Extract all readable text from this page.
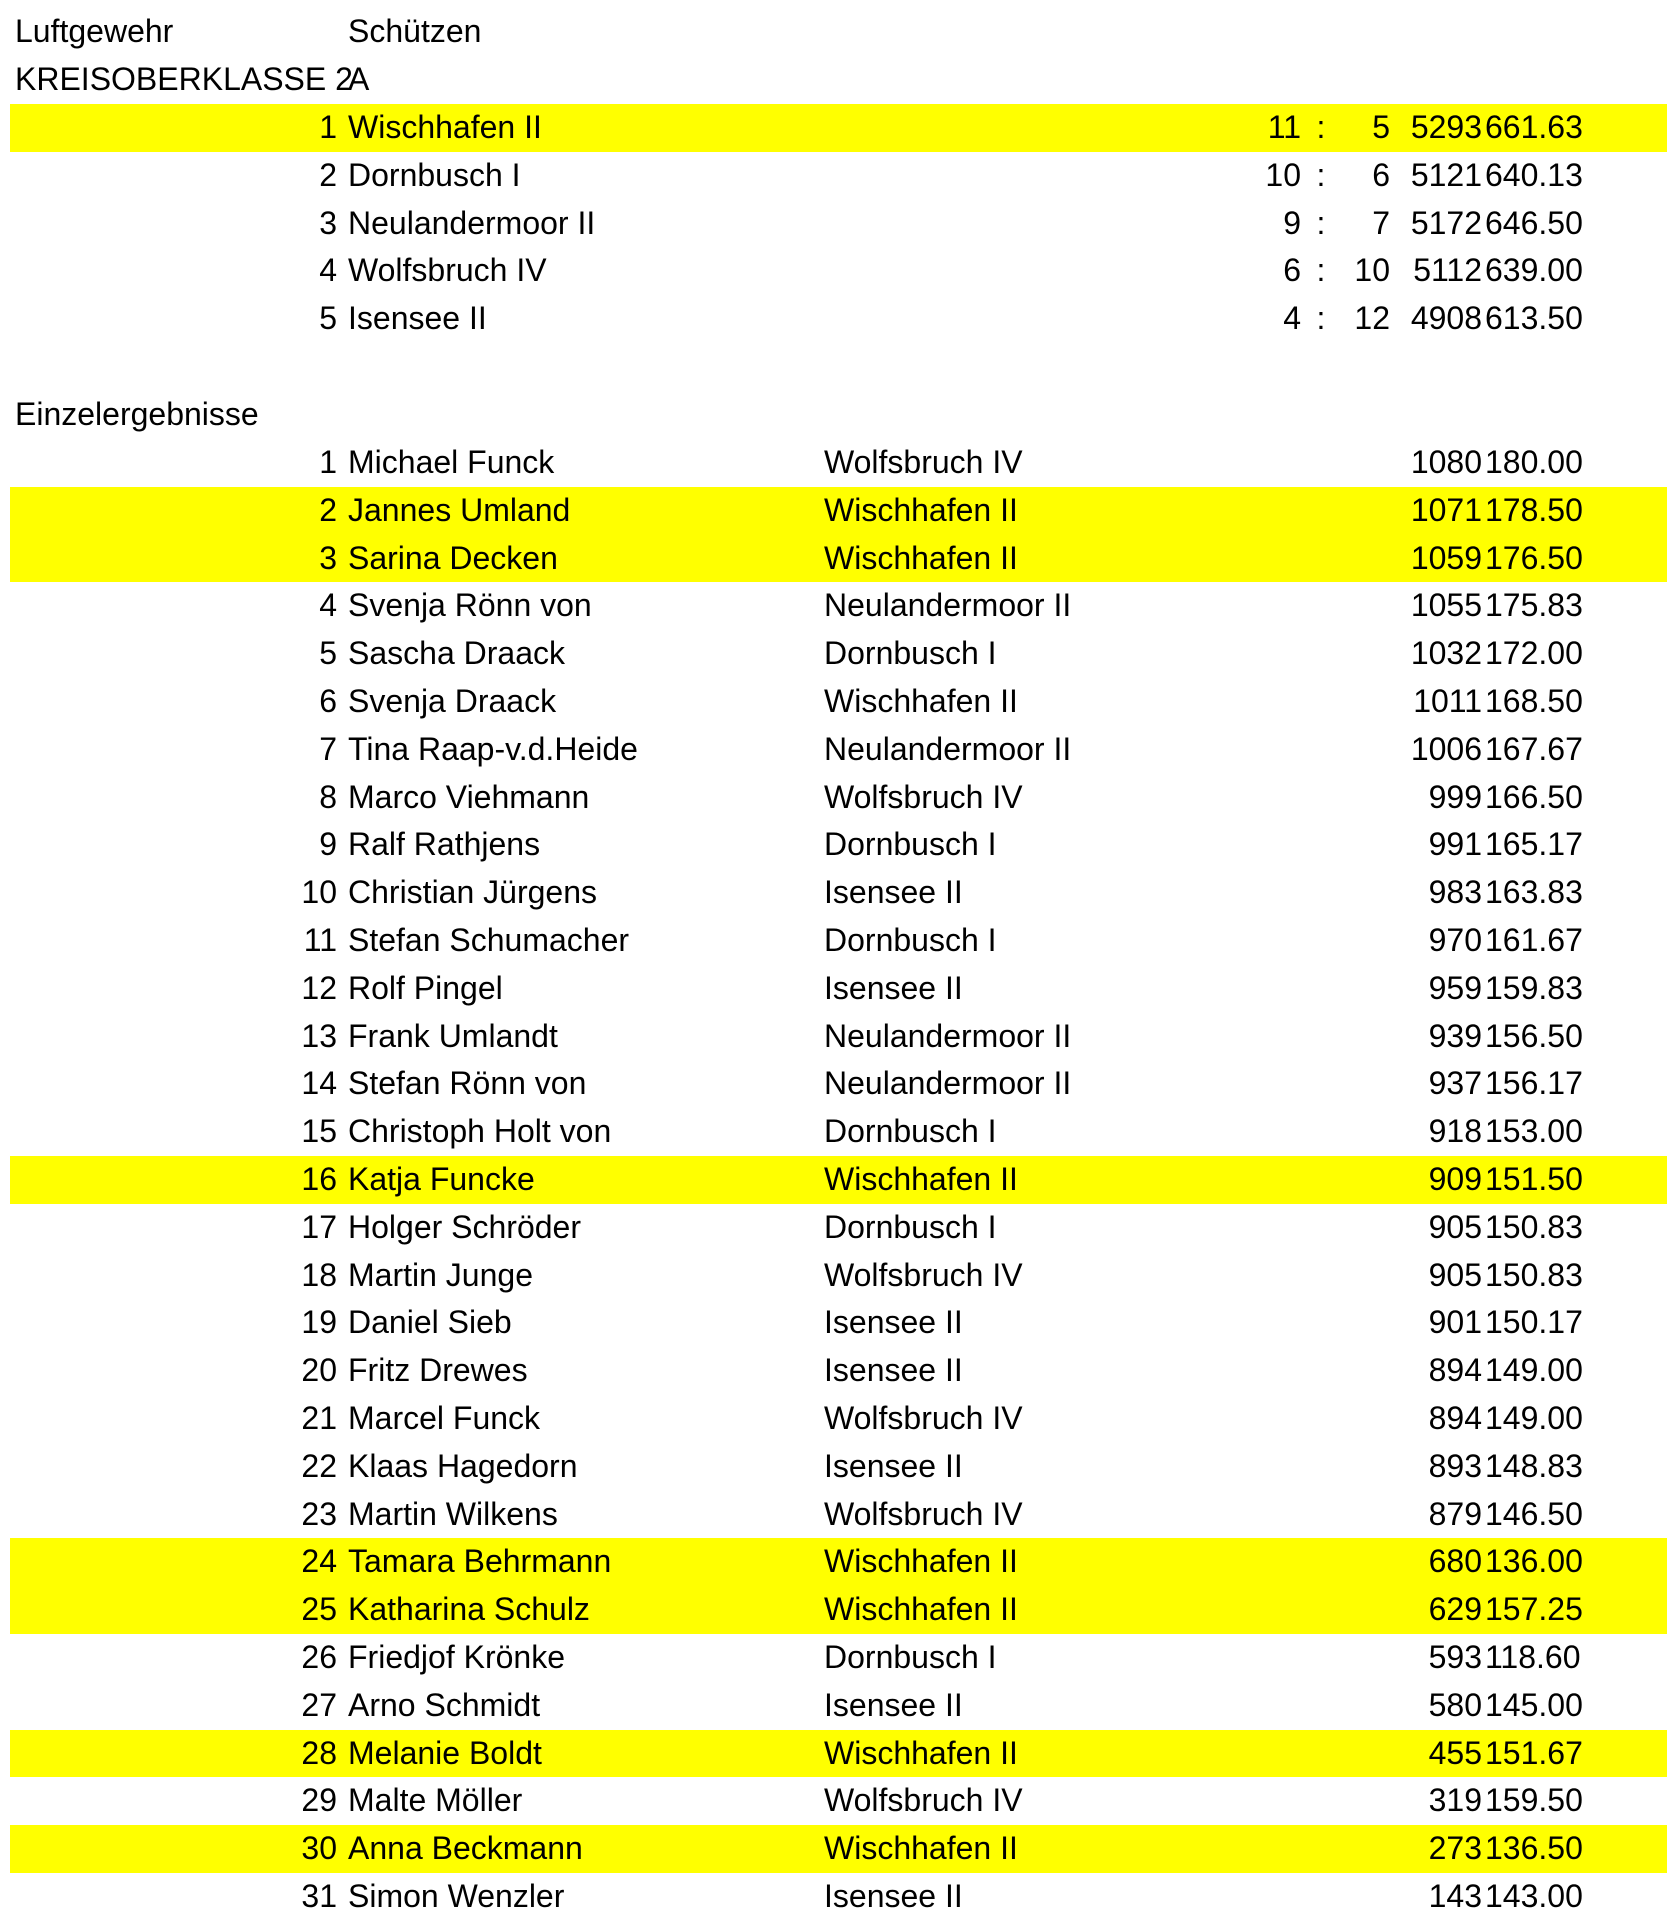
Luftgewehr	Schützen
KREISOBERKLASSE 2
A
1 Wischhafen II	11 :	5 5293 661.63
2 Dornbusch I	10 :	6 5121 640.13
3 Neulandermoor II	9 :	7 5172 646.50
4 Wolfsbruch IV	6 : 10 5112 639.00
5 Isensee II	4 : 12 4908 613.50
Einzelergebnisse
1 Michael Funck	Wolfsbruch IV	1080 180.00
2 Jannes Umland	Wischhafen II	1071 178.50
3 Sarina Decken	Wischhafen II	1059 176.50
4 Svenja Rönn von	Neulandermoor II	1055 175.83
5 Sascha Draack	Dornbusch I	1032 172.00
6 Svenja Draack	Wischhafen II	1011 168.50
7 Tina Raap-v.d.Heide	Neulandermoor II	1006 167.67
8 Marco Viehmann	Wolfsbruch IV	999 166.50
9 Ralf Rathjens	Dornbusch I	991 165.17
10 Christian Jürgens	Isensee II	983 163.83
11 Stefan Schumacher	Dornbusch I	970 161.67
12 Rolf Pingel	Isensee II	959 159.83
13 Frank Umlandt	Neulandermoor II	939 156.50
14 Stefan Rönn von	Neulandermoor II	937 156.17
15 Christoph Holt von	Dornbusch I	918 153.00
16 Katja Funcke	Wischhafen II	909 151.50
17 Holger Schröder	Dornbusch I	905 150.83
18 Martin Junge	Wolfsbruch IV	905 150.83
19 Daniel Sieb	Isensee II	901 150.17
20 Fritz Drewes	Isensee II	894 149.00
21 Marcel Funck	Wolfsbruch IV	894 149.00
22 Klaas Hagedorn	Isensee II	893 148.83
23 Martin Wilkens	Wolfsbruch IV	879 146.50
24 Tamara Behrmann	Wischhafen II	680 136.00
25 Katharina Schulz	Wischhafen II	629 157.25
26 Friedjof Krönke	Dornbusch I	593 118.60
27 Arno Schmidt	Isensee II	580 145.00
28 Melanie Boldt	Wischhafen II	455 151.67
29 Malte Möller	Wolfsbruch IV	319 159.50
30 Anna Beckmann	Wischhafen II	273 136.50
31 Simon Wenzler	Isensee II	143 143.00
